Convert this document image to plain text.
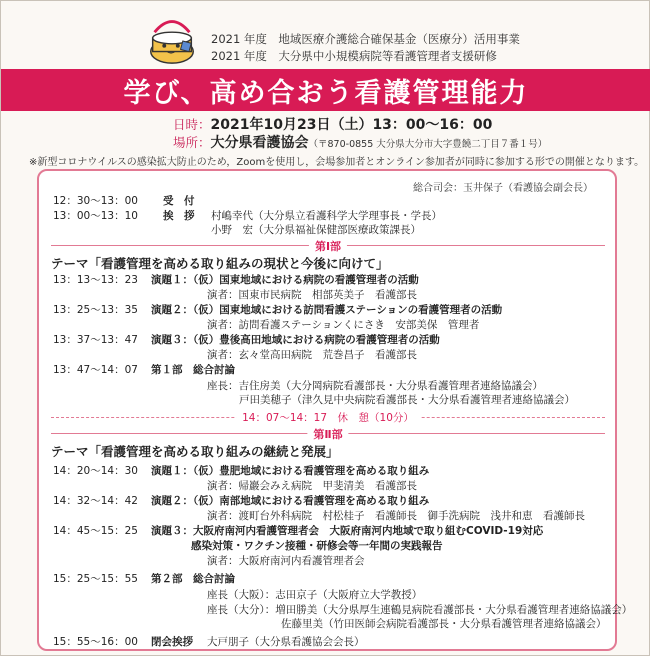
2021 年度　地域医療介護総合確保基金（医療分）活用事業
2021 年度　大分県中小規模病院等看護管理者支援研修
学び、高め合おう看護管理能力
日時：2021年10月23日（土）13：00～16：00
場所：大分県看護協会（〒870-0855 大分県大分市大字豊饒二丁目７番１号）
※新型コロナウイルスの感染拡大防止のため，Zoomを使用し，会場参加者とオンライン参加者が同時に参加する形での開催となります。
総合司会：玉井保子（看護協会副会長）
12：30～13：00 受　付
13：00～13：10 挨　拶 村嶋幸代（大分県立看護科学大学理事長・学長）
小野　宏（大分県福祉保健部医療政策課長）
第Ⅰ部
テーマ「看護管理を高める取り組みの現状と今後に向けて」
13：13～13：23 演題１：（仮）国東地域における病院の看護管理者の活動
演者：国東市民病院　相部英美子　看護部長
13：25～13：35 演題２：（仮）国東地域における訪問看護ステーションの看護管理者の活動
演者：訪問看護ステーションくにさき　安部美保　管理者
13：37～13：47 演題３：（仮）豊後高田地域における病院の看護管理者の活動
演者：玄々堂高田病院　荒巻昌子　看護部長
13：47～14：07 第１部　総合討論
座長：吉住房美（大分岡病院看護部長・大分県看護管理者連絡協議会）
戸田美穂子（津久見中央病院看護部長・大分県看護管理者連絡協議会）
14：07～14：17　休　憩（10分）
第Ⅱ部
テーマ「看護管理を高める取り組みの継続と発展」
14：20～14：30 演題１：（仮）豊肥地域における看護管理を高める取り組み
演者：帰巖会みえ病院　甲斐清美　看護部長
14：32～14：42 演題２：（仮）南部地域における看護管理を高める取り組み
演者：渡町台外科病院　村松桂子　看護師長　御手洗病院　浅井和恵　看護師長
14：45～15：25 演題３：大阪府南河内看護管理者会　大阪府南河内地域で取り組むCOVID-19対応
感染対策・ワクチン接種・研修会等一年間の実践報告
演者：大阪府南河内看護管理者会
15：25～15：55 第２部　総合討論
座長（大阪）：志田京子（大阪府立大学教授）
座長（大分）：増田勝美（大分県厚生連鶴見病院看護部長・大分県看護管理者連絡協議会）
佐藤里美（竹田医師会病院看護部長・大分県看護管理者連絡協議会）
15：55～16：00 閉会挨拶 大戸朋子（大分県看護協会会長）
